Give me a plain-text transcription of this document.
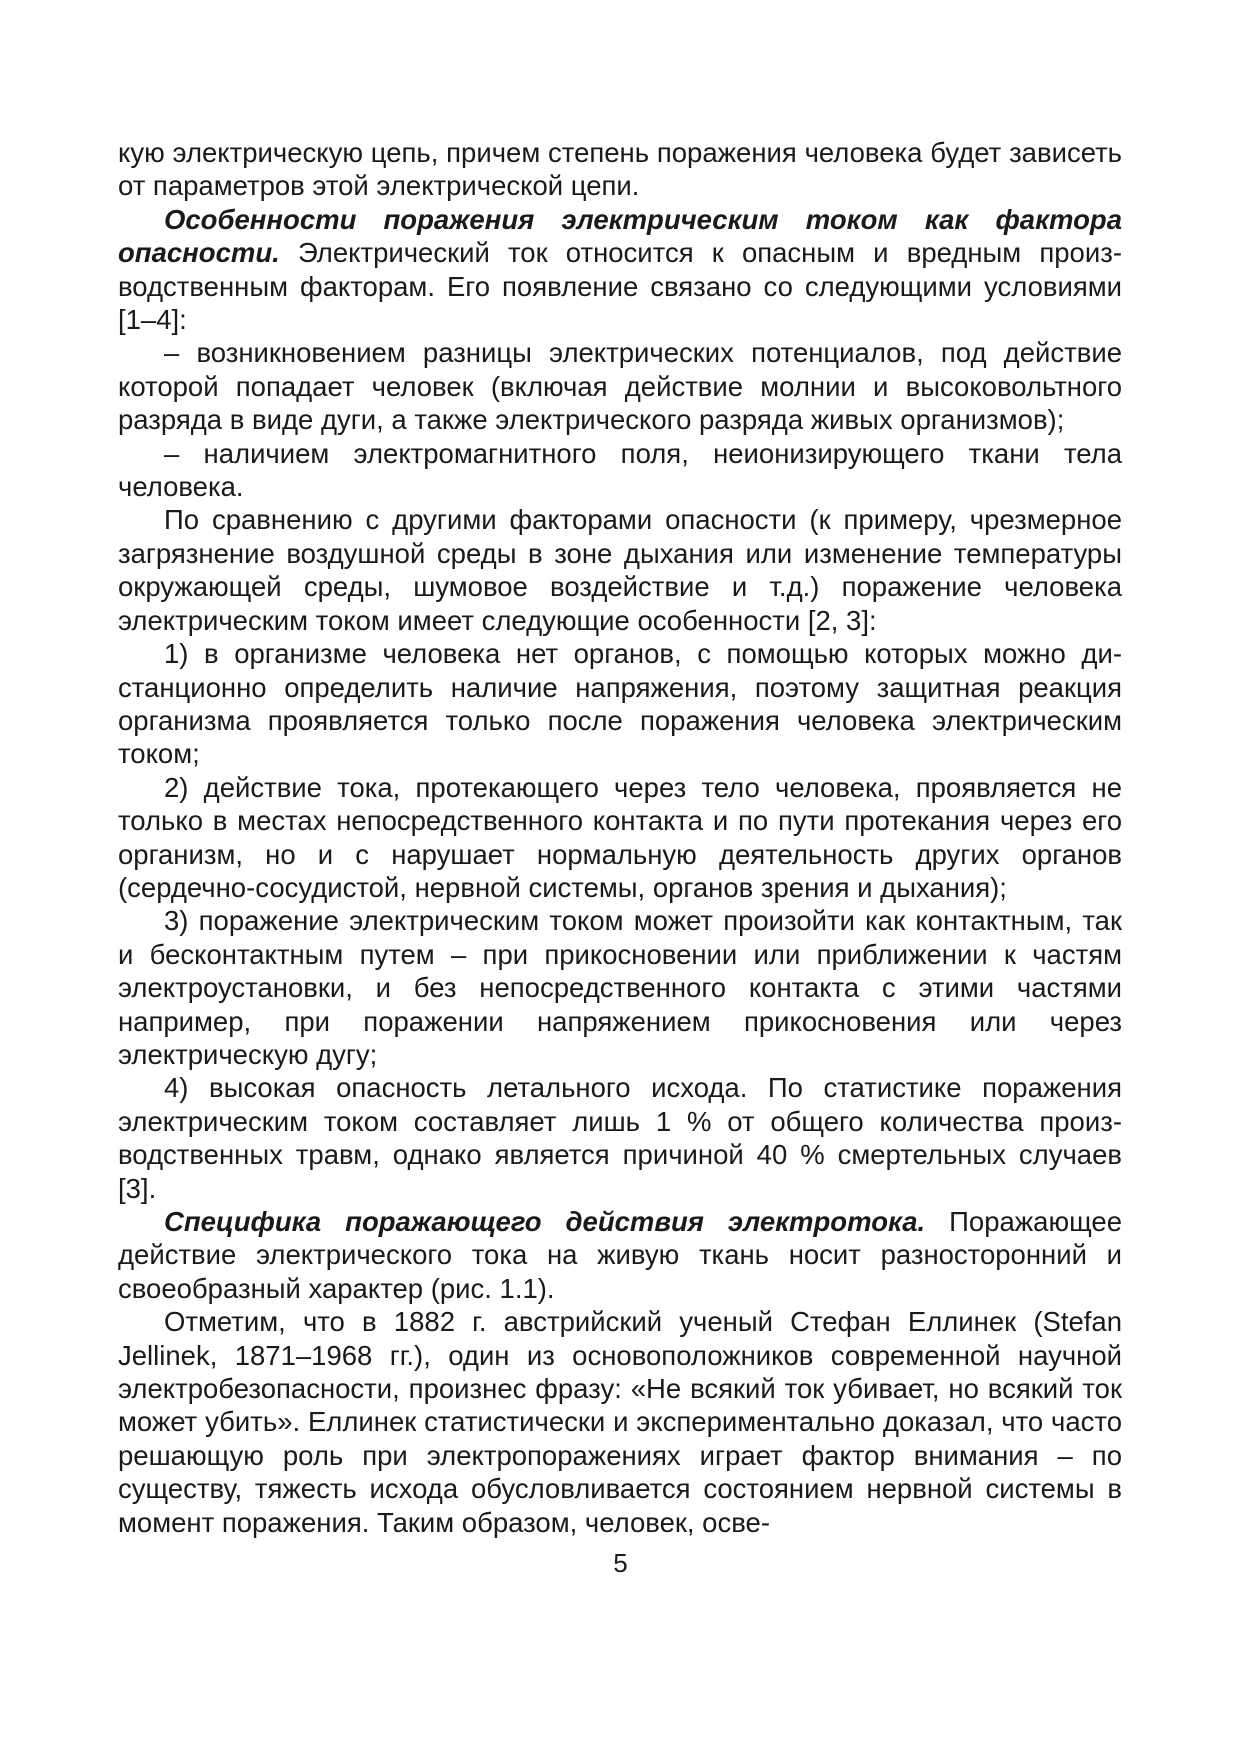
кую электрическую цепь, причем степень поражения человека будет зависеть от параметров этой электрической цепи.

Особенности поражения электрическим током как фактора опасности. Электрический ток относится к опасным и вредным производственным факторам. Его появление связано со следующими условиями [1–4]:

– возникновением разницы электрических потенциалов, под действие которой попадает человек (включая действие молнии и высоковольтного разряда в виде дуги, а также электрического разряда живых организмов);

– наличием электромагнитного поля, неионизирующего ткани тела человека.

По сравнению с другими факторами опасности (к примеру, чрезмерное загрязнение воздушной среды в зоне дыхания или изменение температуры окружающей среды, шумовое воздействие и т.д.) поражение человека электрическим током имеет следующие особенности [2, 3]:

1) в организме человека нет органов, с помощью которых можно дистанционно определить наличие напряжения, поэтому защитная реакция организма проявляется только после поражения человека электрическим током;

2) действие тока, протекающего через тело человека, проявляется не только в местах непосредственного контакта и по пути протекания через его организм, но и с нарушает нормальную деятельность других органов (сердечно-сосудистой, нервной системы, органов зрения и дыхания);

3) поражение электрическим током может произойти как контактным, так и бесконтактным путем – при прикосновении или приближении к частям электроустановки, и без непосредственного контакта с этими частями например, при поражении напряжением прикосновения или через электрическую дугу;

4) высокая опасность летального исхода. По статистике поражения электрическим током составляет лишь 1 % от общего количества производственных травм, однако является причиной 40 % смертельных случаев [3].

Специфика поражающего действия электротока. Поражающее действие электрического тока на живую ткань носит разносторонний и своеобразный характер (рис. 1.1).

Отметим, что в 1882 г. австрийский ученый Стефан Еллинек (Stefan Jellinek, 1871–1968 гг.), один из основоположников современной научной электробезопасности, произнес фразу: «Не всякий ток убивает, но всякий ток может убить». Еллинек статистически и экспериментально доказал, что часто решающую роль при электропоражениях играет фактор внимания – по существу, тяжесть исхода обусловливается состоянием нервной системы в момент поражения. Таким образом, человек, осве-

5
